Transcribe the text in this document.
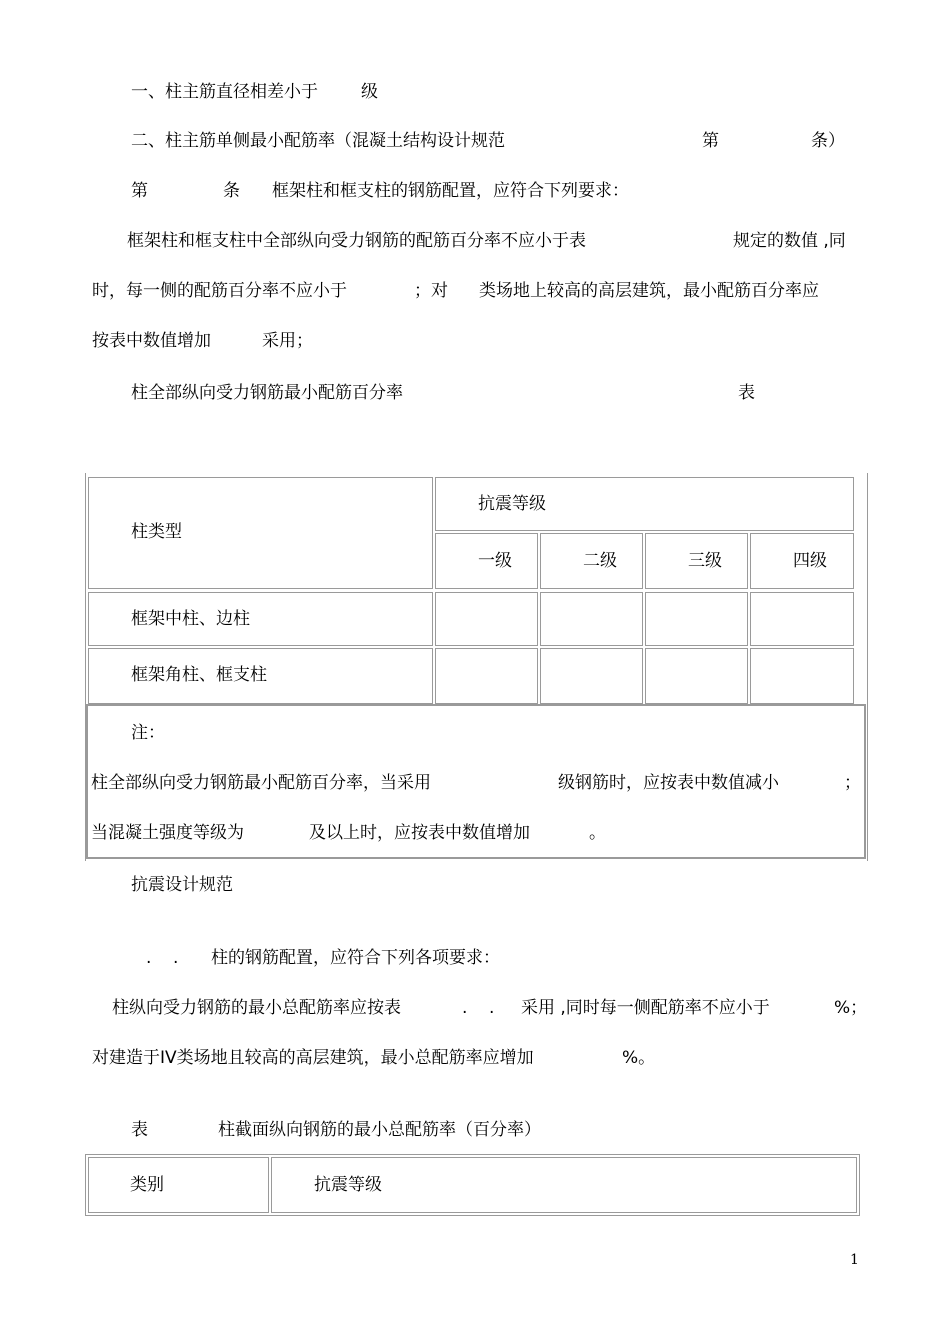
一、柱主筋直径相差小于	级
二、柱主筋单侧最小配筋率（混凝土结构设计规范	第	条）
第	条 框架柱和框支柱的钢筋配置，应符合下列要求：
框架柱和框支柱中全部纵向受力钢筋的配筋百分率不应小于表	规定的数值 ,同
时，每一侧的配筋百分率不应小于	；对 类场地上较高的高层建筑，最小配筋百分率应
按表中数值增加	采用；
柱全部纵向受力钢筋最小配筋百分率	表
柱类型
抗震等级
一级	二级	三级	四级
框架中柱、边柱
框架角柱、框支柱
注：
柱全部纵向受力钢筋最小配筋百分率，当采用	级钢筋时，应按表中数值减小	；
当混凝土强度等级为	及以上时，应按表中数值增加	。
抗震设计规范
.    . 柱的钢筋配置，应符合下列各项要求：
柱纵向受力钢筋的最小总配筋率应按表	.    . 采用 ,同时每一侧配筋率不应小于	%；
对建造于IV类场地且较高的高层建筑，最小总配筋率应增加	%。
表	柱截面纵向钢筋的最小总配筋率（百分率）
类别	抗震等级
1
